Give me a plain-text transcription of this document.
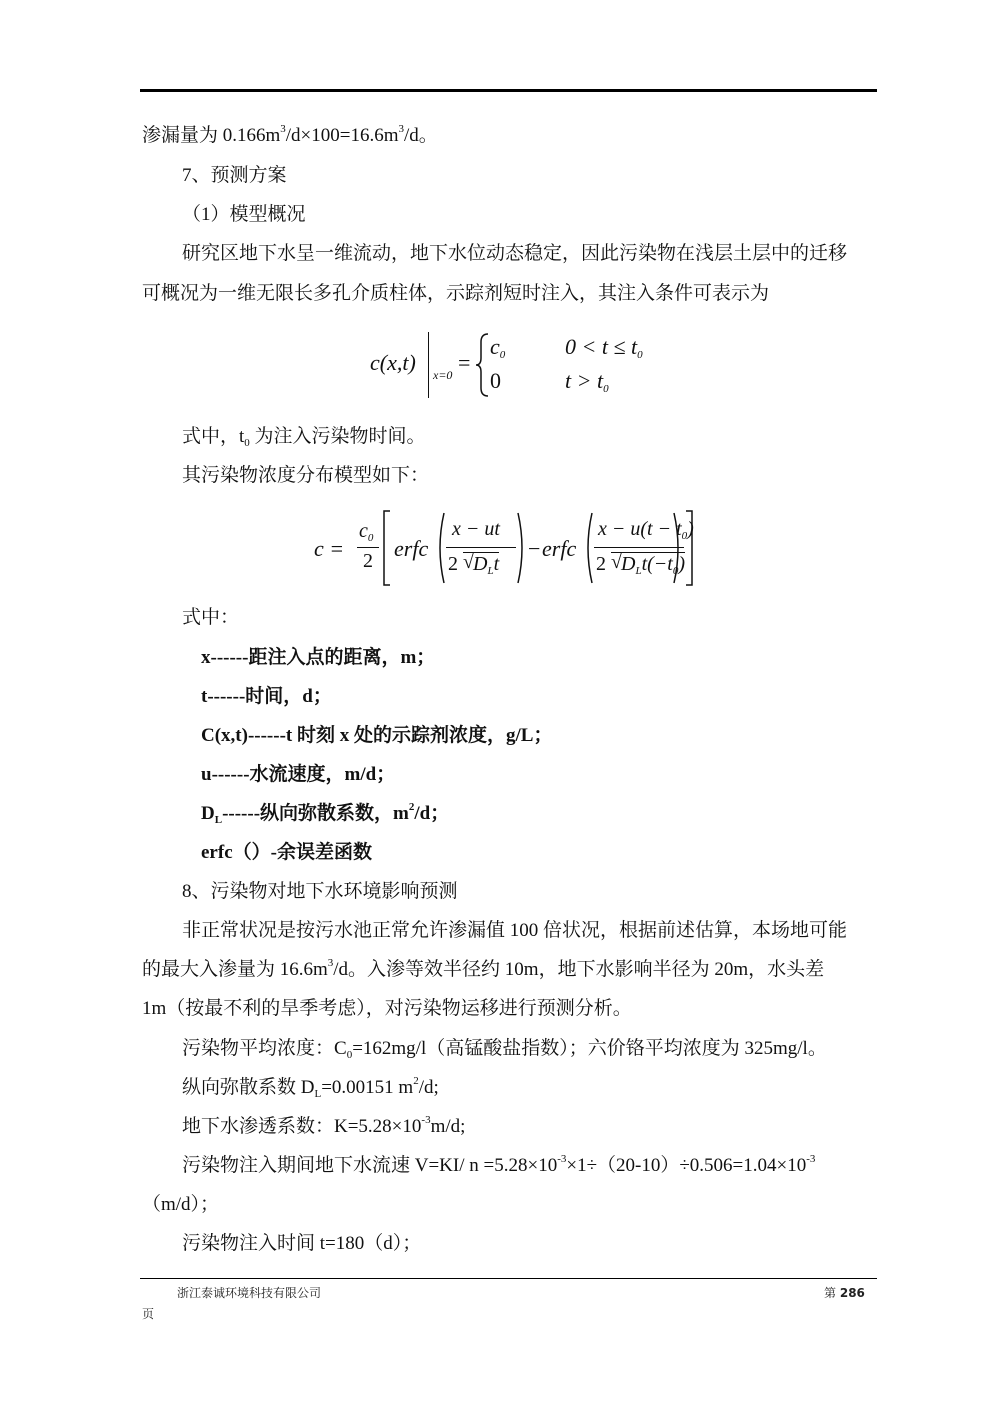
渗漏量为 $0.166m^3/d\times 100=16.6m^3/d$。
7、预测方案
（1）模型概况
研究区地下水呈一维流动，地下水位动态稳定，因此污染物在浅层土层中的迁移
可概况为一维无限长多孔介质柱体，示踪剂短时注入，其注入条件可表示为
c(x,t) x=0 =
$c_0$	$0 < t \le t_0$
0	$t > t_0$
式中，$t_0$ 为注入污染物时间。
其污染物浓度分布模型如下：
c =
$c_0$
2 erfc
x − ut
2 √ $D_Lt$
− erfc
$x - u(t - t_0)$
2 √ $D_Lt(-t_0)$
式中：
x------距注入点的距离，m；
t------时间，d；
C(x,t)------t 时刻 x 处的示踪剂浓度，g/L；
u------水流速度，m/d；
$D_L------$纵向弥散系数，$m^2/d$；
erfc（）-余误差函数
8、污染物对地下水环境影响预测
非正常状况是按污水池正常允许渗漏值 100 倍状况，根据前述估算，本场地可能
的最大入渗量为 $16.6m^3/d$。入渗等效半径约 10m，地下水影响半径为 20m，水头差
1m（按最不利的旱季考虑），对污染物运移进行预测分析。
污染物平均浓度：$C_0=162mg/l$（高锰酸盐指数）；六价铬平均浓度为 325mg/l。
纵向弥散系数 $D_L=0.00151$ $m^2/d$;
地下水渗透系数：$K=5.28\times 10^{-3}m/d$;
污染物注入期间地下水流速 V=KI/ $n =5.28\times 10^{-3}\times 1\div(20-10)\div 0.506=1.04\times 10^{-3}$
（m/d）；
污染物注入时间 t=180（d）；
浙江泰诚环境科技有限公司	第 286
页
